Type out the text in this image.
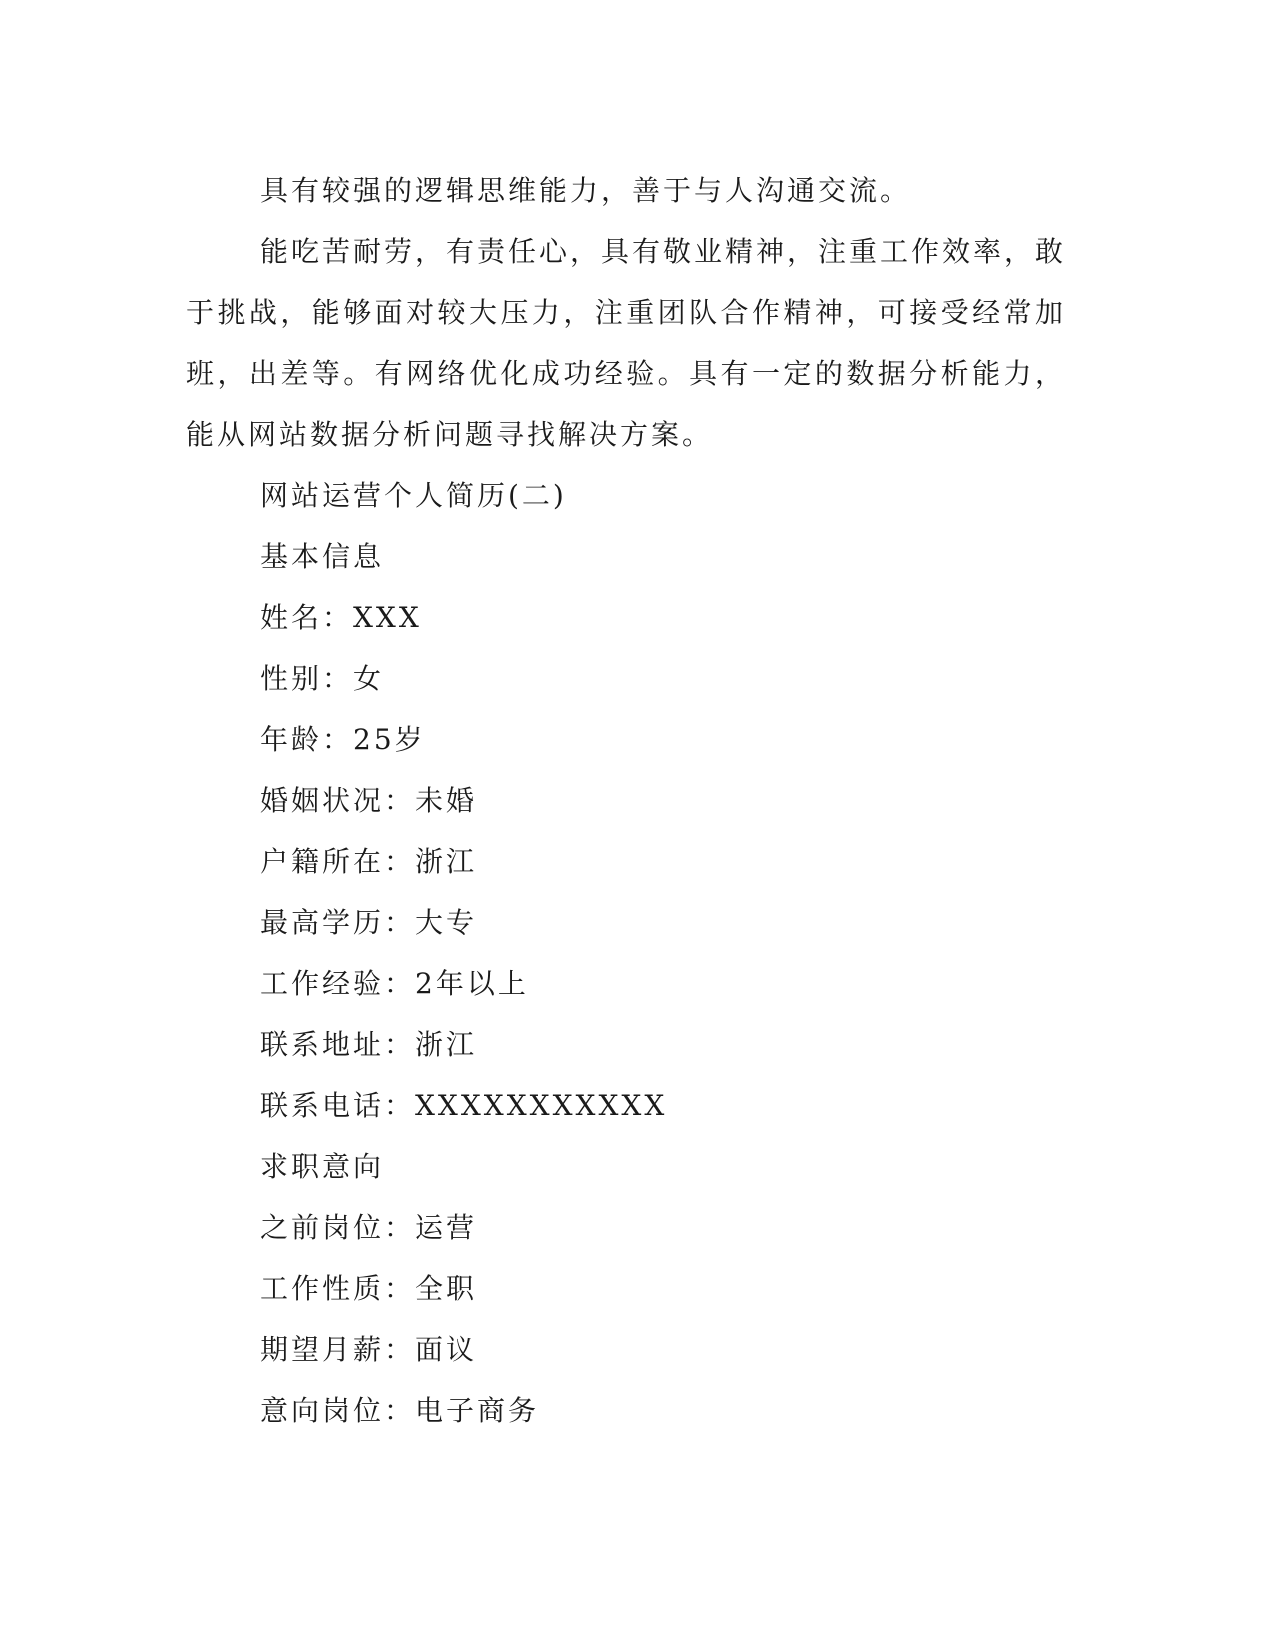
具有较强的逻辑思维能力，善于与人沟通交流。

能吃苦耐劳，有责任心，具有敬业精神，注重工作效率，敢于挑战，能够面对较大压力，注重团队合作精神，可接受经常加班，出差等。有网络优化成功经验。具有一定的数据分析能力，能从网站数据分析问题寻找解决方案。

网站运营个人简历(二)

基本信息

姓名：XXX

性别：女

年龄：25岁

婚姻状况：未婚

户籍所在：浙江

最高学历：大专

工作经验：2年以上

联系地址：浙江

联系电话：XXXXXXXXXXX

求职意向

之前岗位：运营

工作性质：全职

期望月薪：面议

意向岗位：电子商务
